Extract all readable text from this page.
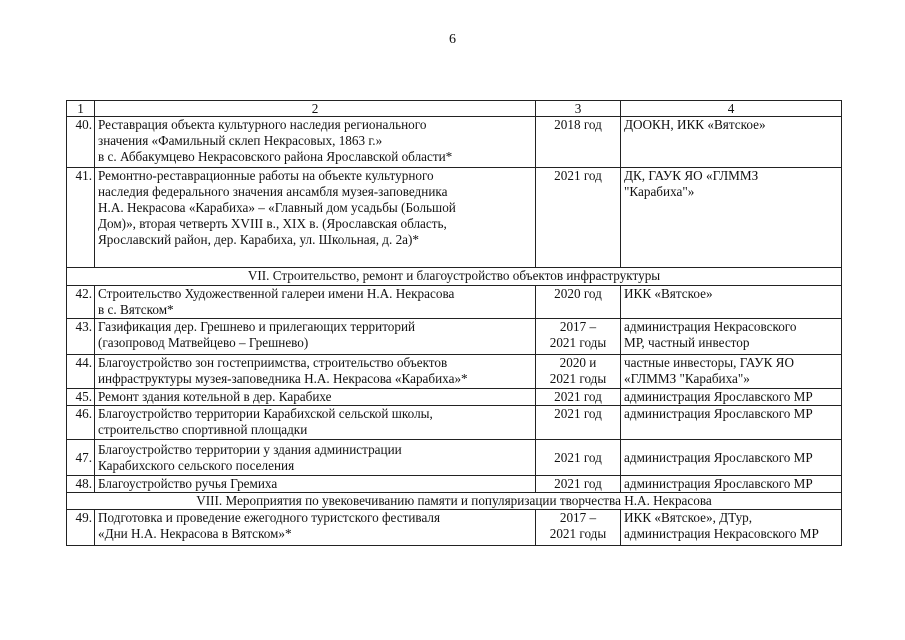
6
1	2	3	4
40.	Реставрация объекта культурного наследия регионального
значения «Фамильный склеп Некрасовых, 1863 г.»
в с. Аббакумцево Некрасовского района Ярославской области*	2018 год	ДООКН, ИКК «Вятское»

41.	Ремонтно-реставрационные работы на объекте культурного
наследия федерального значения ансамбля музея-заповедника
Н.А. Некрасова «Карабиха» – «Главный дом усадьбы (Большой
Дом)», вторая четверть XVIII в., XIX в. (Ярославская область,
Ярославский район, дер. Карабиха, ул. Школьная, д. 2а)*	2021 год	ДК, ГАУК ЯО «ГЛММЗ
"Карабиха"»

VII. Строительство, ремонт и благоустройство объектов инфраструктуры			
42.	Строительство Художественной галереи имени Н.А. Некрасова
в с. Вятском*	2020 год	ИКК «Вятское»

43.	Газификация дер. Грешнево и прилегающих территорий
(газопровод Матвейцево – Грешнево)	2017 –
2021 годы	администрация Некрасовского
МР, частный инвестор

44.	Благоустройство зон гостеприимства, строительство объектов
инфраструктуры музея-заповедника Н.А. Некрасова «Карабиха»*	2020 и
2021 годы	частные инвесторы, ГАУК ЯО
«ГЛММЗ "Карабиха"»

45.	Ремонт здания котельной в дер. Карабихе	2021 год	администрация Ярославского МР

46.	Благоустройство территории Карабихской сельской школы,
строительство спортивной площадки	2021 год	администрация Ярославского МР

47.	Благоустройство территории у здания администрации
Карабихского сельского поселения	2021 год	администрация Ярославского МР

48.	Благоустройство ручья Гремиха	2021 год	администрация Ярославского МР

VIII. Мероприятия по увековечиванию памяти и популяризации творчества Н.А. Некрасова			
49.	Подготовка и проведение ежегодного туристского фестиваля
«Дни Н.А. Некрасова в Вятском»*	2017 –
2021 годы	ИКК «Вятское», ДТур,
администрация Некрасовского МР
